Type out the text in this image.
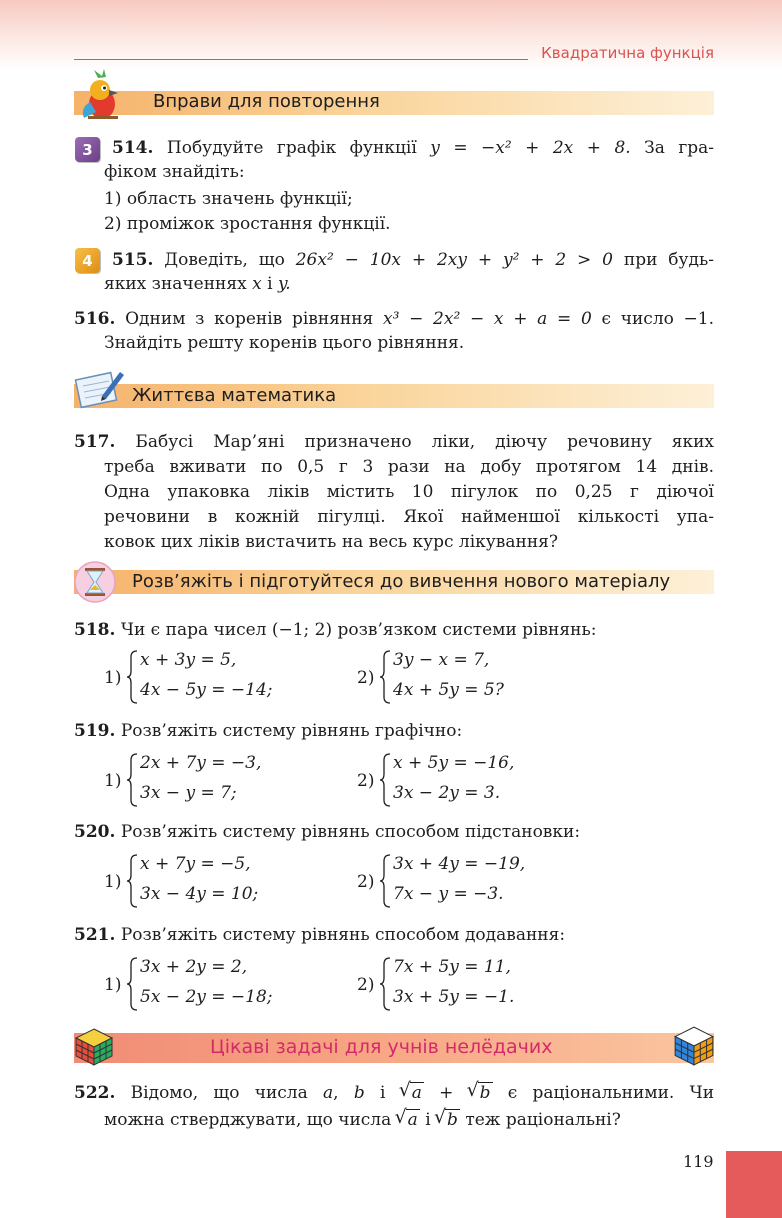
Квадратична функція
Вправи для повторення
3	514. Побудуйте графік функції y = −x² + 2x + 8. За гра-
фіком знайдіть:
1) область значень функції;
2) проміжок зростання функції.
4	515. Доведіть, що 26x² − 10x + 2xy + y² + 2 > 0 при будь-
яких значеннях x і y.
516. Одним з коренів рівняння x³ − 2x² − x + a = 0 є число −1.
Знайдіть решту коренів цього рівняння.
Життєва математика
517. Бабусі Мар’яні призначено ліки, діючу речовину яких
треба вживати по 0,5 г 3 рази на добу протягом 14 днів.
Одна упаковка ліків містить 10 пігулок по 0,25 г діючої
речовини в кожній пігулці. Якої найменшої кількості упа-
ковок цих ліків вистачить на весь курс лікування?
Розв’яжіть і підготуйтеся до вивчення нового матеріалу
518. Чи є пара чисел (−1; 2) розв’язком системи рівнянь:
1)
x + 3y = 5,
4x − 5y = −14;
2)
3y − x = 7,
4x + 5y = 5?
519. Розв’яжіть систему рівнянь графічно:
1)
2x + 7y = −3,
3x − y = 7;
2)
x + 5y = −16,
3x − 2y = 3.
520. Розв’яжіть систему рівнянь способом підстановки:
1)
x + 7y = −5,
3x − 4y = 10;
2)
3x + 4y = −19,
7x − y = −3.
521. Розв’яжіть систему рівнянь способом додавання:
1)
3x + 2y = 2,
5x − 2y = −18;
2)
7x + 5y = 11,
3x + 5y = −1.
Цікаві задачі для учнів нелёдачих
522. Відомо, що числа a, b і √ a + √ b є раціональними. Чи
можна стверджувати, що числа √ a і √ b теж раціональні?
119
